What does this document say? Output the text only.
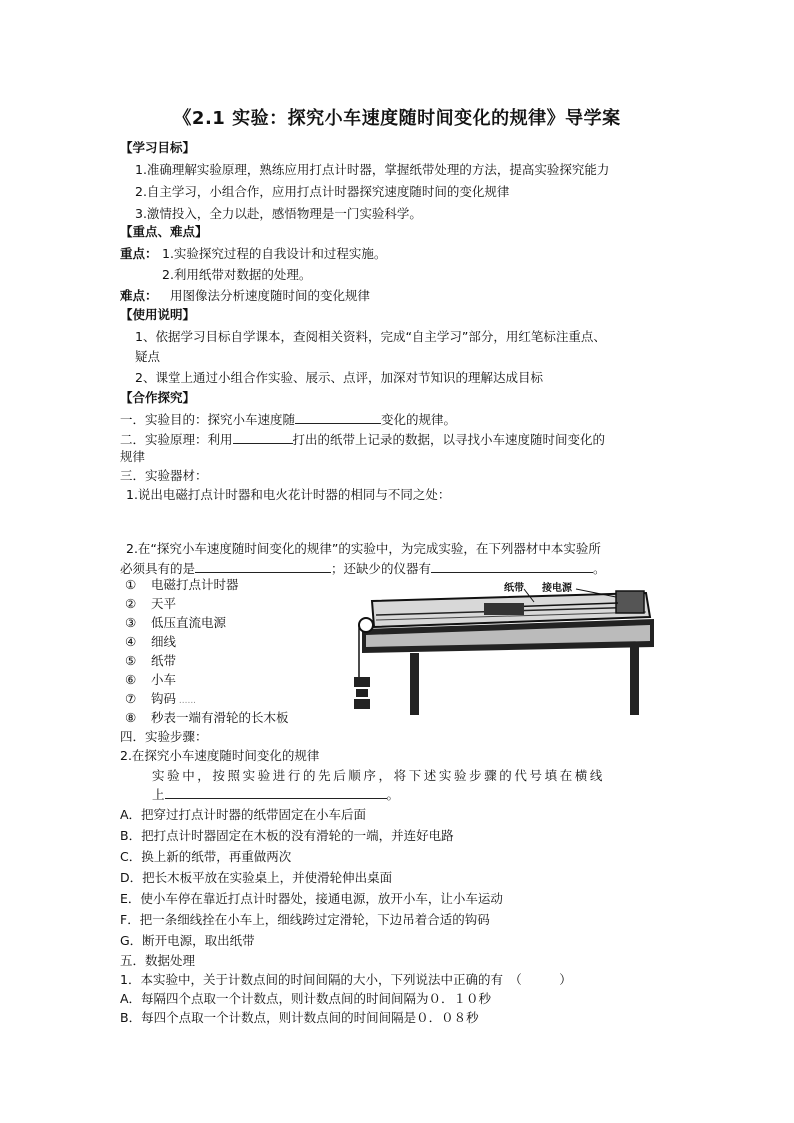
《2.1 实验：探究小车速度随时间变化的规律》导学案
【学习目标】
1.准确理解实验原理，熟练应用打点计时器，掌握纸带处理的方法，提高实验探究能力
2.自主学习，小组合作，应用打点计时器探究速度随时间的变化规律
3.激情投入，全力以赴，感悟物理是一门实验科学。
【重点、难点】
重点： 1.实验探究过程的自我设计和过程实施。
2.利用纸带对数据的处理。
难点： 用图像法分析速度随时间的变化规律
【使用说明】
1、依据学习目标自学课本，查阅相关资料，完成“自主学习”部分，用红笔标注重点、
疑点
2、课堂上通过小组合作实验、展示、点评，加深对节知识的理解达成目标
【合作探究】
一．实验目的：探究小车速度随	变化的规律。
二．实验原理：利用	打出的纸带上记录的数据，以寻找小车速度随时间变化的
规律
三．实验器材：
1.说出电磁打点计时器和电火花计时器的相同与不同之处：
2.在“探究小车速度随时间变化的规律”的实验中，为完成实验，在下列器材中本实验所
必须具有的是	；还缺少的仪器有	。
① 电磁打点计时器
② 天平
③ 低压直流电源
④ 细线
⑤ 纸带
⑥ 小车
⑦ 钩码 ......
⑧ 秒表一端有滑轮的长木板
纸带 接电源
四．实验步骤：
2.在探究小车速度随时间变化的规律
实验中，按照实验进行的先后顺序，将下述实验步骤的代号填在横线
上	。
A．把穿过打点计时器的纸带固定在小车后面
B．把打点计时器固定在木板的没有滑轮的一端，并连好电路
C．换上新的纸带，再重做两次
D．把长木板平放在实验桌上，并使滑轮伸出桌面
E．使小车停在靠近打点计时器处，接通电源，放开小车，让小车运动
F．把一条细线拴在小车上，细线跨过定滑轮，下边吊着合适的钩码
G．断开电源，取出纸带
五．数据处理
1．本实验中，关于计数点间的时间间隔的大小，下列说法中正确的有　（　　　）
A．每隔四个点取一个计数点，则计数点间的时间间隔为０．１０秒
B．每四个点取一个计数点，则计数点间的时间间隔是０．０８秒
